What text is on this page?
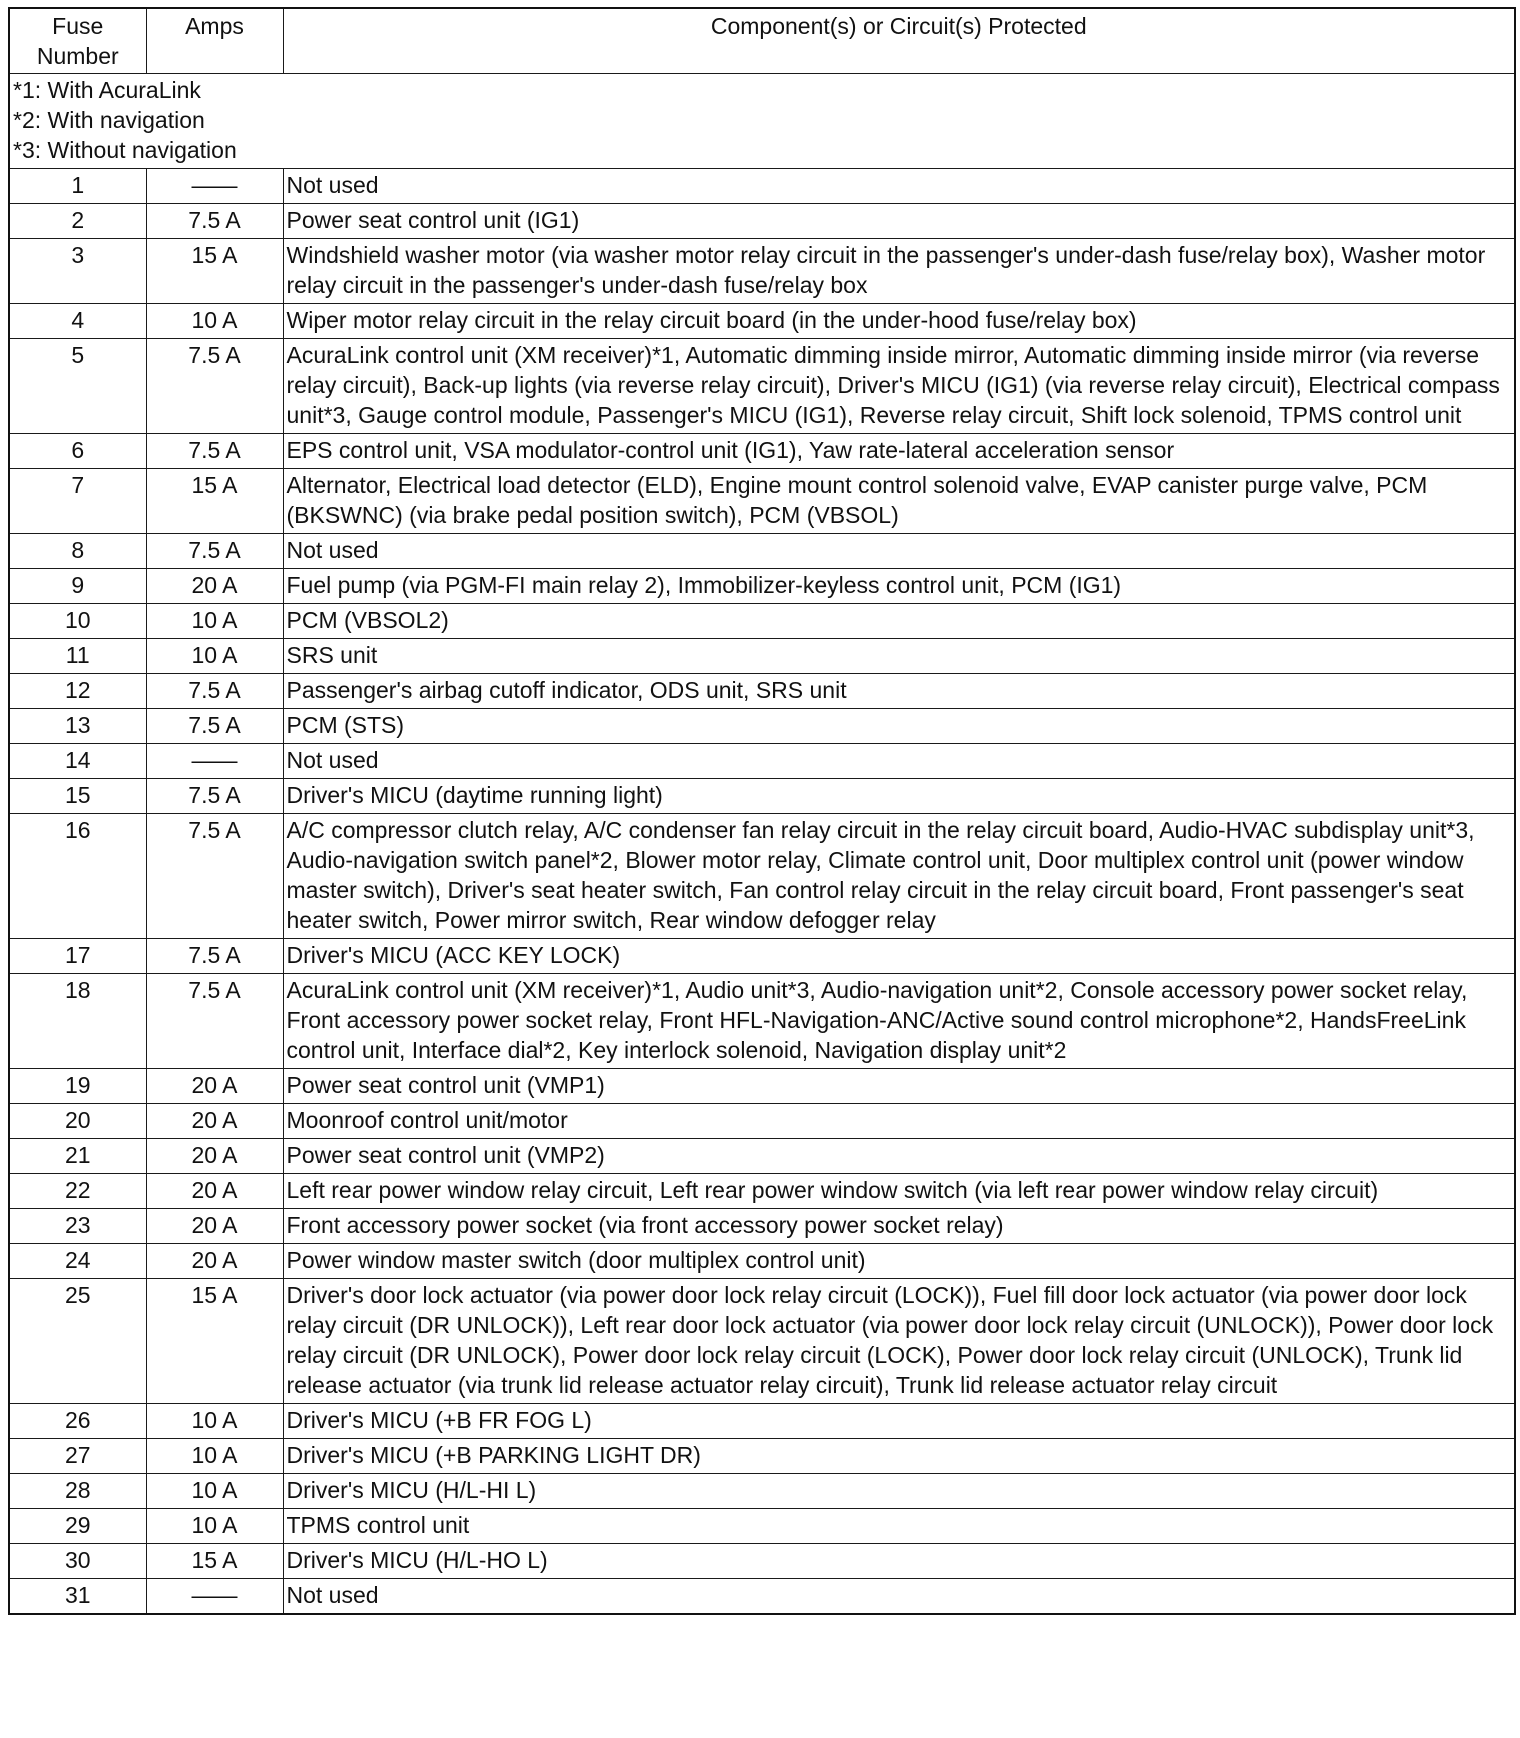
Fuse
Number	Amps	Component(s) or Circuit(s) Protected

*1: With AcuraLink
*2: With navigation
*3: Without navigation		

1	——	Not used
2	7.5 A	Power seat control unit (IG1)
3	15 A	Windshield washer motor (via washer motor relay circuit in the passenger's under-dash fuse/relay box), Washer motor relay circuit in the passenger's under-dash fuse/relay box
4	10 A	Wiper motor relay circuit in the relay circuit board (in the under-hood fuse/relay box)
5	7.5 A	AcuraLink control unit (XM receiver)*1, Automatic dimming inside mirror, Automatic dimming inside mirror (via reverse relay circuit), Back-up lights (via reverse relay circuit), Driver's MICU (IG1) (via reverse relay circuit), Electrical compass unit*3, Gauge control module, Passenger's MICU (IG1), Reverse relay circuit, Shift lock solenoid, TPMS control unit
6	7.5 A	EPS control unit, VSA modulator-control unit (IG1), Yaw rate-lateral acceleration sensor
7	15 A	Alternator, Electrical load detector (ELD), Engine mount control solenoid valve, EVAP canister purge valve, PCM (BKSWNC) (via brake pedal position switch), PCM (VBSOL)
8	7.5 A	Not used
9	20 A	Fuel pump (via PGM-FI main relay 2), Immobilizer-keyless control unit, PCM (IG1)
10	10 A	PCM (VBSOL2)
11	10 A	SRS unit
12	7.5 A	Passenger's airbag cutoff indicator, ODS unit, SRS unit
13	7.5 A	PCM (STS)
14	——	Not used
15	7.5 A	Driver's MICU (daytime running light)
16	7.5 A	A/C compressor clutch relay, A/C condenser fan relay circuit in the relay circuit board, Audio-HVAC subdisplay unit*3, Audio-navigation switch panel*2, Blower motor relay, Climate control unit, Door multiplex control unit (power window master switch), Driver's seat heater switch, Fan control relay circuit in the relay circuit board, Front passenger's seat heater switch, Power mirror switch, Rear window defogger relay
17	7.5 A	Driver's MICU (ACC KEY LOCK)
18	7.5 A	AcuraLink control unit (XM receiver)*1, Audio unit*3, Audio-navigation unit*2, Console accessory power socket relay, Front accessory power socket relay, Front HFL-Navigation-ANC/Active sound control microphone*2, HandsFreeLink control unit, Interface dial*2, Key interlock solenoid, Navigation display unit*2
19	20 A	Power seat control unit (VMP1)
20	20 A	Moonroof control unit/motor
21	20 A	Power seat control unit (VMP2)
22	20 A	Left rear power window relay circuit, Left rear power window switch (via left rear power window relay circuit)
23	20 A	Front accessory power socket (via front accessory power socket relay)
24	20 A	Power window master switch (door multiplex control unit)
25	15 A	Driver's door lock actuator (via power door lock relay circuit (LOCK)), Fuel fill door lock actuator (via power door lock relay circuit (DR UNLOCK)), Left rear door lock actuator (via power door lock relay circuit (UNLOCK)), Power door lock relay circuit (DR UNLOCK), Power door lock relay circuit (LOCK), Power door lock relay circuit (UNLOCK), Trunk lid release actuator (via trunk lid release actuator relay circuit), Trunk lid release actuator relay circuit
26	10 A	Driver's MICU (+B FR FOG L)
27	10 A	Driver's MICU (+B PARKING LIGHT DR)
28	10 A	Driver's MICU (H/L-HI L)
29	10 A	TPMS control unit
30	15 A	Driver's MICU (H/L-HO L)
31	——	Not used
